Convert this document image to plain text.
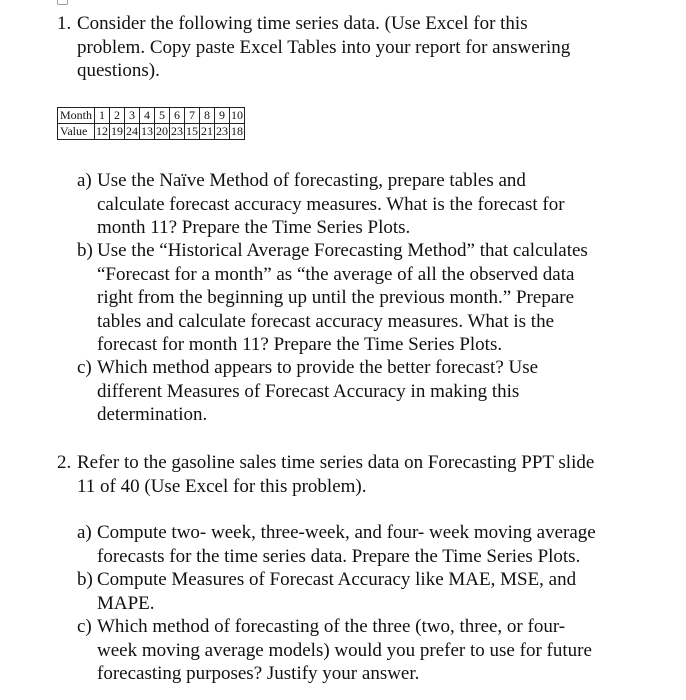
1. Consider the following time series data. (Use Excel for this
problem. Copy paste Excel Tables into your report for answering
questions).
Month	1	2	3	4	5	6	7	8	9	10
Value	12	19	24	13	20	23	15	21	23	18
a) Use the Naïve Method of forecasting, prepare tables and
calculate forecast accuracy measures. What is the forecast for
month 11? Prepare the Time Series Plots.
b) Use the “Historical Average Forecasting Method” that calculates
“Forecast for a month” as “the average of all the observed data
right from the beginning up until the previous month.” Prepare
tables and calculate forecast accuracy measures. What is the
forecast for month 11? Prepare the Time Series Plots.
c) Which method appears to provide the better forecast? Use
different Measures of Forecast Accuracy in making this
determination.
2. Refer to the gasoline sales time series data on Forecasting PPT slide
11 of 40 (Use Excel for this problem).
a) Compute two- week, three-week, and four- week moving average
forecasts for the time series data. Prepare the Time Series Plots.
b) Compute Measures of Forecast Accuracy like MAE, MSE, and
MAPE.
c) Which method of forecasting of the three (two, three, or four-
week moving average models) would you prefer to use for future
forecasting purposes? Justify your answer.
